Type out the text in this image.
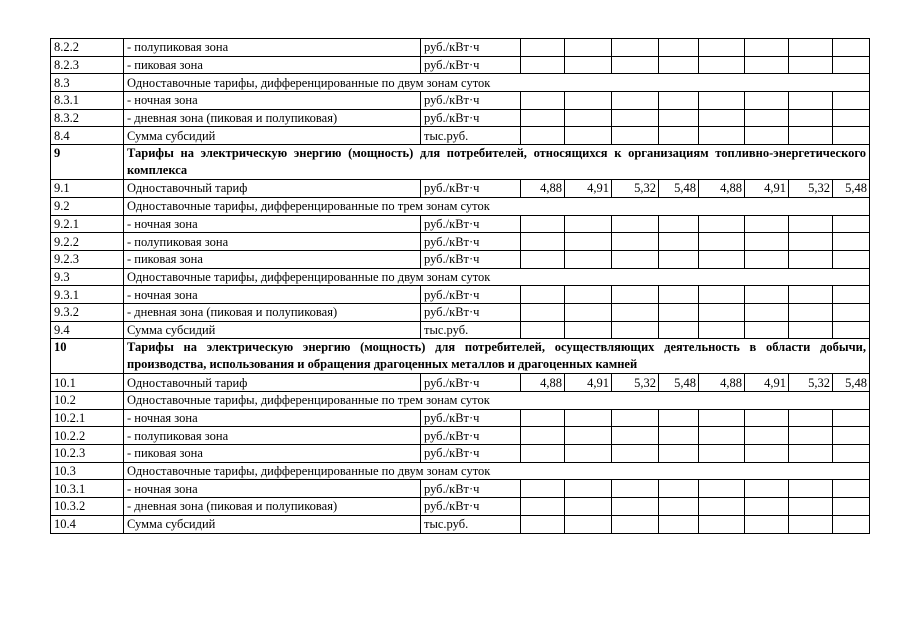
8.2.2	- полупиковая зона	руб./кВт·ч								
8.2.3	- пиковая зона	руб./кВт·ч								
8.3	Одноставочные тарифы, дифференцированные по двум зонам суток									
8.3.1	- ночная зона	руб./кВт·ч								
8.3.2	- дневная зона (пиковая и полупиковая)	руб./кВт·ч								
8.4	Сумма субсидий	тыс.руб.								
9	Тарифы на электрическую энергию (мощность) для потребителей, относящихся к организациям топливно-энергетического комплекса									
9.1	Одноставочный тариф	руб./кВт·ч	4,88	4,91	5,32	5,48	4,88	4,91	5,32	5,48
9.2	Одноставочные тарифы, дифференцированные по трем зонам суток									
9.2.1	- ночная зона	руб./кВт·ч								
9.2.2	- полупиковая зона	руб./кВт·ч								
9.2.3	- пиковая зона	руб./кВт·ч								
9.3	Одноставочные тарифы, дифференцированные по двум зонам суток									
9.3.1	- ночная зона	руб./кВт·ч								
9.3.2	- дневная зона (пиковая и полупиковая)	руб./кВт·ч								
9.4	Сумма субсидий	тыс.руб.								
10	Тарифы на электрическую энергию (мощность) для потребителей, осуществляющих деятельность в области добычи, производства, использования и обращения драгоценных металлов и драгоценных камней									
10.1	Одноставочный тариф	руб./кВт·ч	4,88	4,91	5,32	5,48	4,88	4,91	5,32	5,48
10.2	Одноставочные тарифы, дифференцированные по трем зонам суток									
10.2.1	- ночная зона	руб./кВт·ч								
10.2.2	- полупиковая зона	руб./кВт·ч								
10.2.3	- пиковая зона	руб./кВт·ч								
10.3	Одноставочные тарифы, дифференцированные по двум зонам суток									
10.3.1	- ночная зона	руб./кВт·ч								
10.3.2	- дневная зона (пиковая и полупиковая)	руб./кВт·ч								
10.4	Сумма субсидий	тыс.руб.								
